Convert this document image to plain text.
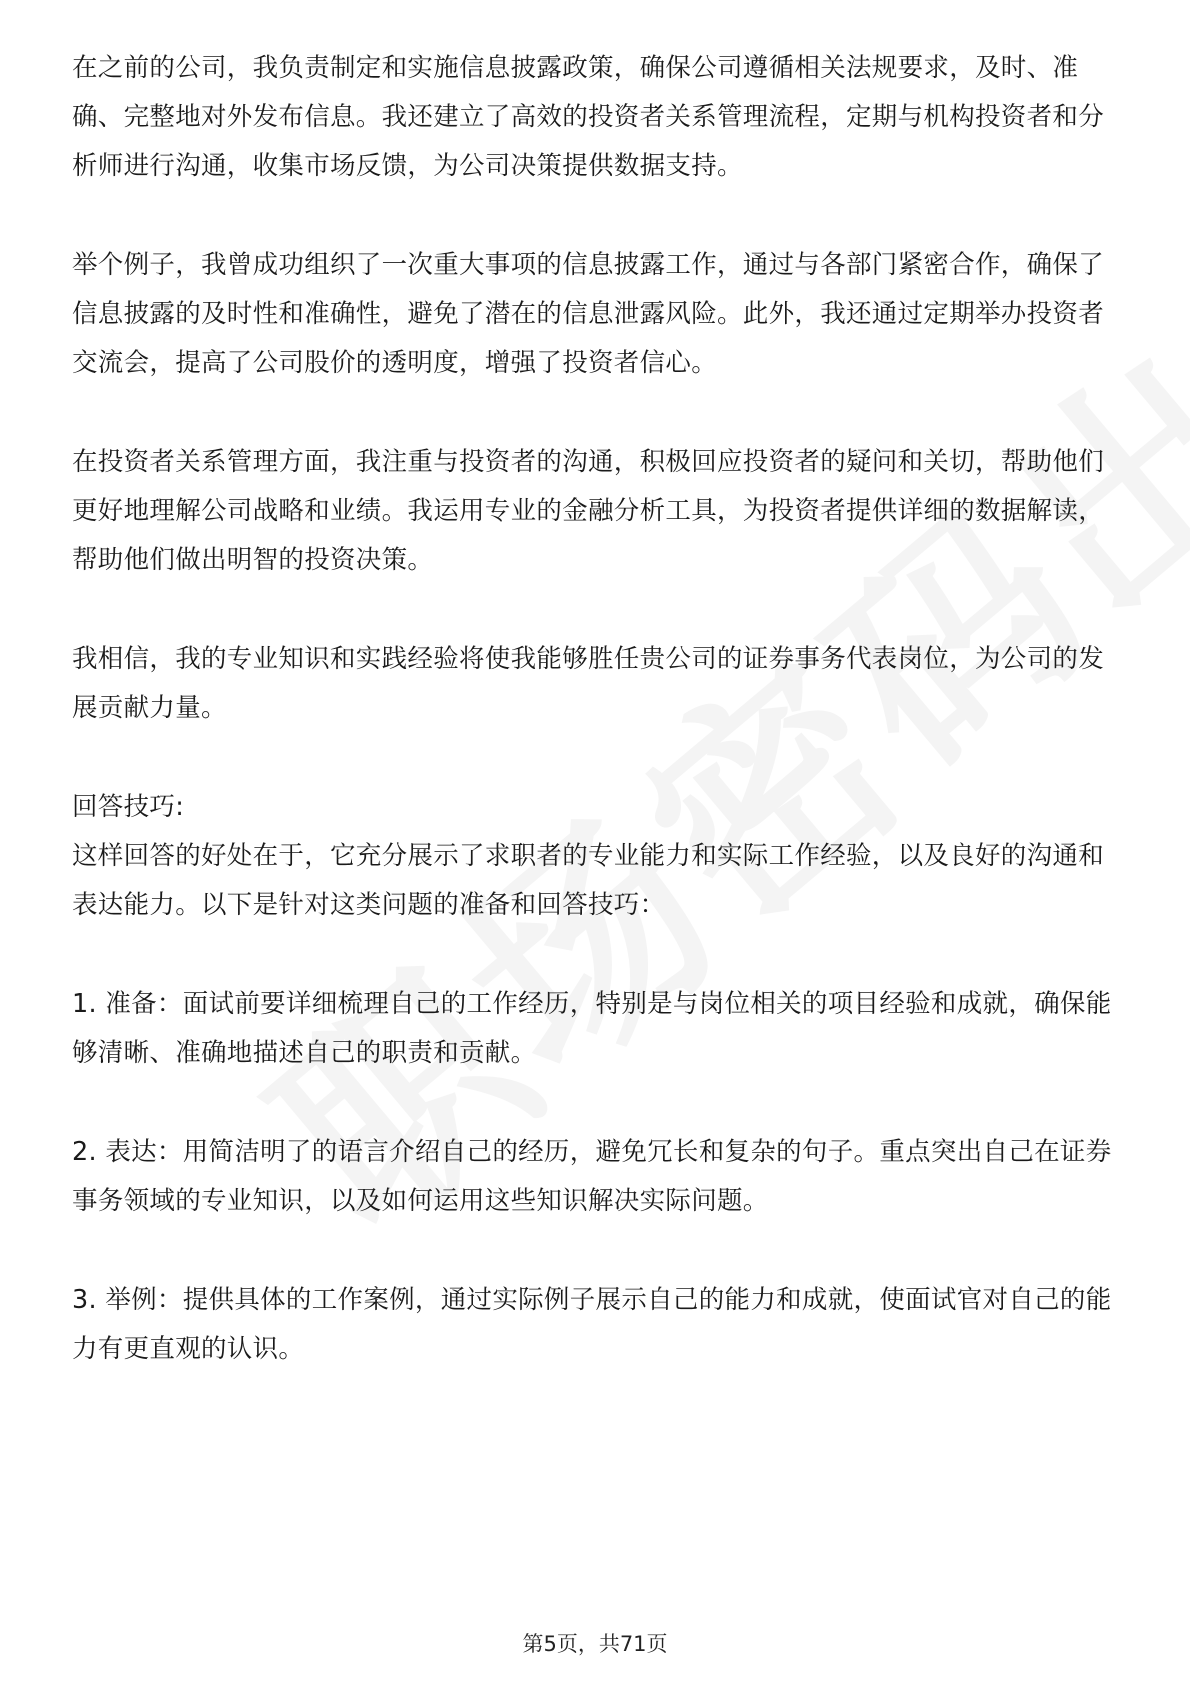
在之前的公司，我负责制定和实施信息披露政策，确保公司遵循相关法规要求，及时、准确、完整地对外发布信息。我还建立了高效的投资者关系管理流程，定期与机构投资者和分析师进行沟通，收集市场反馈，为公司决策提供数据支持。

举个例子，我曾成功组织了一次重大事项的信息披露工作，通过与各部门紧密合作，确保了信息披露的及时性和准确性，避免了潜在的信息泄露风险。此外，我还通过定期举办投资者交流会，提高了公司股价的透明度，增强了投资者信心。

在投资者关系管理方面，我注重与投资者的沟通，积极回应投资者的疑问和关切，帮助他们更好地理解公司战略和业绩。我运用专业的金融分析工具，为投资者提供详细的数据解读，帮助他们做出明智的投资决策。

我相信，我的专业知识和实践经验将使我能够胜任贵公司的证券事务代表岗位，为公司的发展贡献力量。

回答技巧:

这样回答的好处在于，它充分展示了求职者的专业能力和实际工作经验，以及良好的沟通和表达能力。以下是针对这类问题的准备和回答技巧：

1. 准备：面试前要详细梳理自己的工作经历，特别是与岗位相关的项目经验和成就，确保能够清晰、准确地描述自己的职责和贡献。

2. 表达：用简洁明了的语言介绍自己的经历，避免冗长和复杂的句子。重点突出自己在证券事务领域的专业知识，以及如何运用这些知识解决实际问题。

3. 举例：提供具体的工作案例，通过实际例子展示自己的能力和成就，使面试官对自己的能力有更直观的认识。

第5页，共71页
